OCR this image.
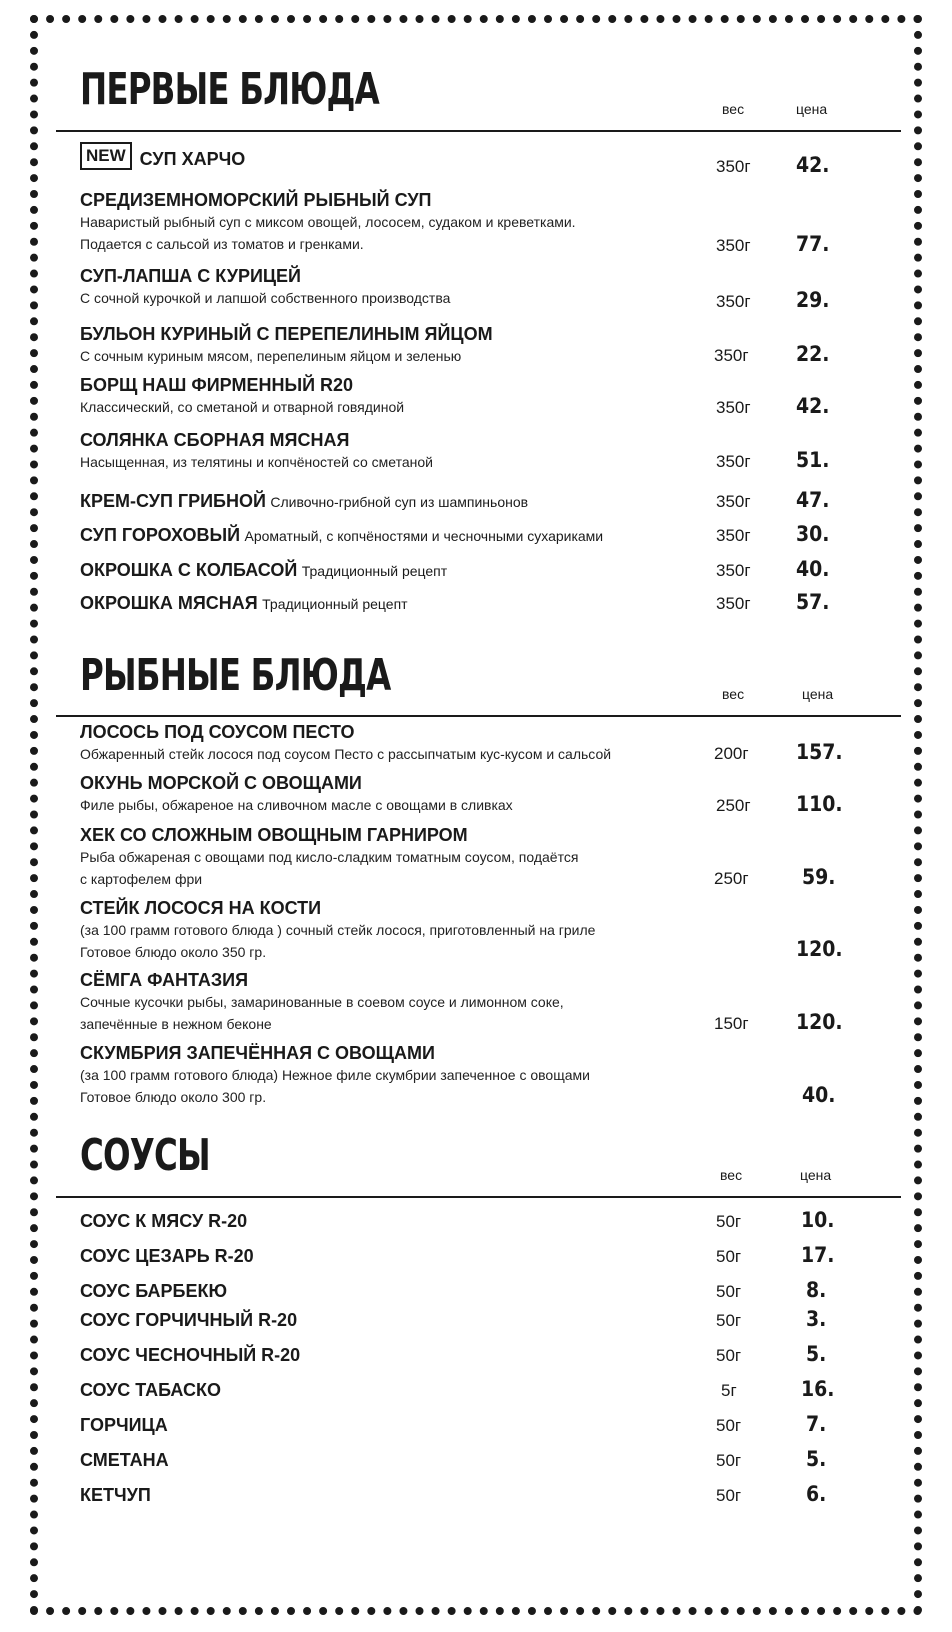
ПЕРВЫЕ БЛЮДА	вес	цена
NEW СУП ХАРЧО	350г 42.
СРЕДИЗЕМНОМОРСКИЙ РЫБНЫЙ СУП
Наваристый рыбный суп с миксом овощей, лососем, судаком и креветками.
Подается с сальсой из томатов и гренками.	350г 77.
СУП-ЛАПША С КУРИЦЕЙ
С сочной курочкой и лапшой собственного производства	350г 29.
БУЛЬОН КУРИНЫЙ С ПЕРЕПЕЛИНЫМ ЯЙЦОМ
С сочным куриным мясом, перепелиным яйцом и зеленью	350г 22.
БОРЩ НАШ ФИРМЕННЫЙ R20
Классический, со сметаной и отварной говядиной	350г 42.
СОЛЯНКА СБОРНАЯ МЯСНАЯ
Насыщенная, из телятины и копчёностей со сметаной	350г 51.
КРЕМ-СУП ГРИБНОЙ Сливочно-грибной суп из шампиньонов	350г 47.
СУП ГОРОХОВЫЙ Ароматный, с копчёностями и чесночными сухариками	350г 30.
ОКРОШКА С КОЛБАСОЙ Традиционный рецепт	350г 40.
ОКРОШКА МЯСНАЯ Традиционный рецепт	350г 57.
РЫБНЫЕ БЛЮДА	вес	цена
ЛОСОСЬ ПОД СОУСОМ ПЕСТО
Обжаренный стейк лосося под соусом Песто с рассыпчатым кус-кусом и сальсой	200г 157.
ОКУНЬ МОРСКОЙ С ОВОЩАМИ
Филе рыбы, обжареное на сливочном масле с овощами в сливках	250г 110.
ХЕК СО СЛОЖНЫМ ОВОЩНЫМ ГАРНИРОМ
Рыба обжареная с овощами под кисло-сладким томатным соусом, подаётся
с картофелем фри	250г	59.
СТЕЙК ЛОСОСЯ НА КОСТИ
(за 100 грамм готового блюда ) сочный стейк лосося, приготовленный на гриле
Готовое блюдо около 350 гр.	120.
СЁМГА ФАНТАЗИЯ
Сочные кусочки рыбы, замаринованные в соевом соусе и лимонном соке,
запечённые в нежном беконе	150г 120.
СКУМБРИЯ ЗАПЕЧЁННАЯ С ОВОЩАМИ
(за 100 грамм готового блюда) Нежное филе скумбрии запеченное с овощами
Готовое блюдо около 300 гр.	40.
СОУСЫ	вес	цена
СОУС К МЯСУ R-20	50г	10.
СОУС ЦЕЗАРЬ R-20	50г	17.
СОУС БАРБЕКЮ	50г	8.
СОУС ГОРЧИЧНЫЙ R-20	50г	3.
СОУС ЧЕСНОЧНЫЙ R-20	50г	5.
СОУС ТАБАСКО	5г	16.
ГОРЧИЦА	50г	7.
СМЕТАНА	50г	5.
КЕТЧУП	50г	6.
